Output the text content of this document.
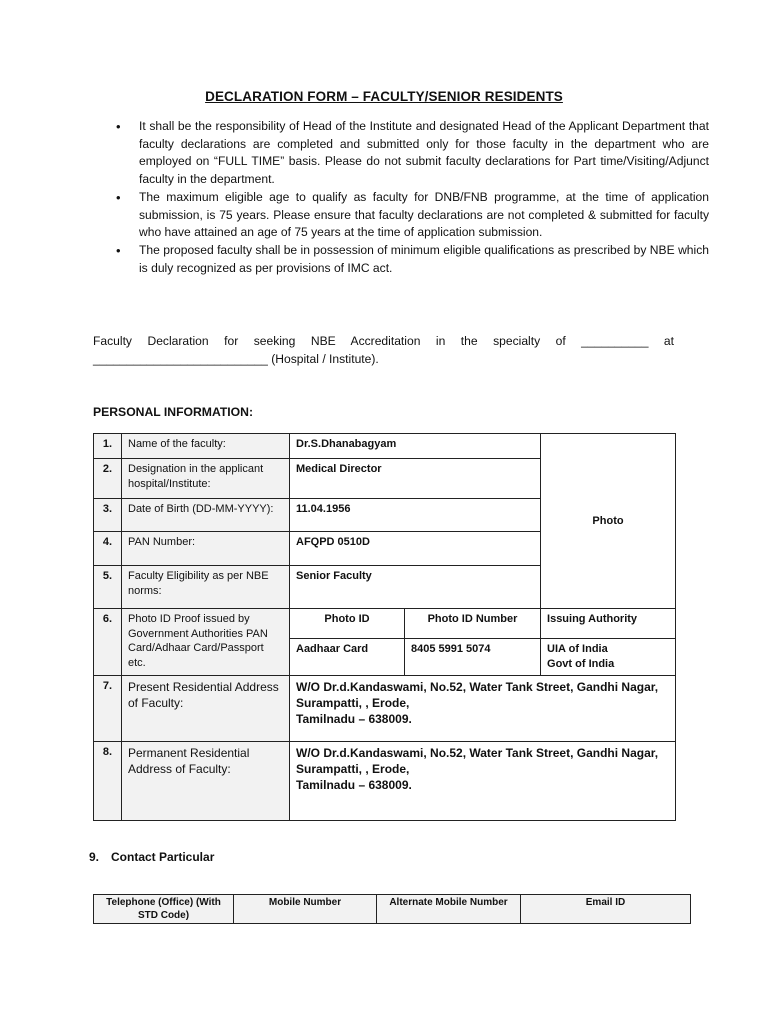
DECLARATION FORM – FACULTY/SENIOR RESIDENTS
• It shall be the responsibility of Head of the Institute and designated Head of the Applicant Department that faculty declarations are completed and submitted only for those faculty in the department who are employed on “FULL TIME” basis. Please do not submit faculty declarations for Part time/Visiting/Adjunct faculty in the department.
• The maximum eligible age to qualify as faculty for DNB/FNB programme, at the time of application submission, is 75 years. Please ensure that faculty declarations are not completed & submitted for faculty who have attained an age of 75 years at the time of application submission.
• The proposed faculty shall be in possession of minimum eligible qualifications as prescribed by NBE which is duly recognized as per provisions of IMC act.
Faculty Declaration for seeking NBE Accreditation in the specialty of __________ at __________________________ (Hospital / Institute).
PERSONAL INFORMATION:
1.	Name of the faculty:	Dr.S.Dhanabagyam		Photo
2.	Designation in the applicant hospital/Institute:	Medical Director		
3.	Date of Birth (DD-MM-YYYY):	11.04.1956		
4.	PAN Number:	AFQPD 0510D		
5.	Faculty Eligibility as per NBE norms:	Senior Faculty		
6.	Photo ID Proof issued by Government Authorities PAN Card/Adhaar Card/Passport etc.	Photo ID	Photo ID Number	Issuing Authority
		Aadhaar Card	8405 5991 5074	UIA of India
Govt of India
7.	Present Residential Address of Faculty:	W/O Dr.d.Kandaswami, No.52, Water Tank Street, Gandhi Nagar, Surampatti, , Erode,
Tamilnadu – 638009.		
8.	Permanent Residential Address of Faculty:	W/O Dr.d.Kandaswami, No.52, Water Tank Street, Gandhi Nagar, Surampatti, , Erode,
Tamilnadu – 638009.		
9. Contact Particular
Telephone (Office) (With STD Code)	Mobile Number	Alternate Mobile Number	Email ID
